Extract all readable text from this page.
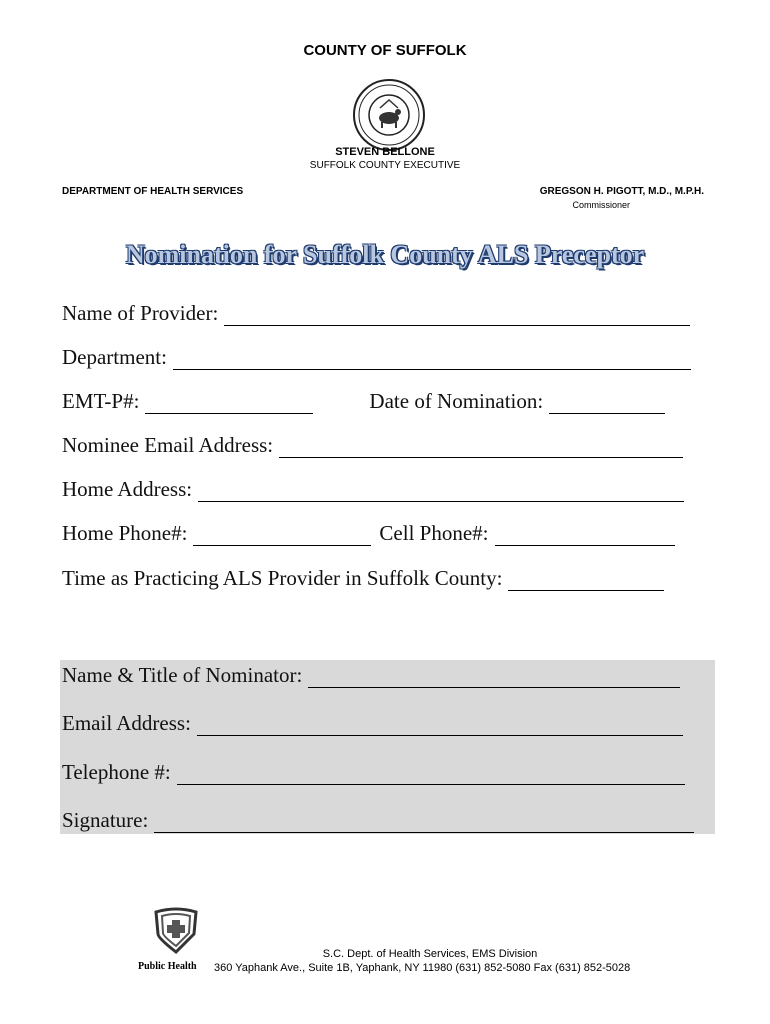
COUNTY OF SUFFOLK
STEVEN BELLONE
SUFFOLK COUNTY EXECUTIVE
DEPARTMENT OF HEALTH SERVICES	GREGSON H. PIGOTT, M.D., M.P.H.
Commissioner
Nomination for Suffolk County ALS Preceptor
Name of Provider:
Department:
EMT-P#:	Date of Nomination:
Nominee Email Address:
Home Address:
Home Phone#:	Cell Phone#:
Time as Practicing ALS Provider in Suffolk County:
Name & Title of Nominator:
Email Address:
Telephone #:
Signature:
Public Health
S.C. Dept. of Health Services, EMS Division
360 Yaphank Ave., Suite 1B, Yaphank, NY 11980 (631) 852-5080 Fax (631) 852-5028
